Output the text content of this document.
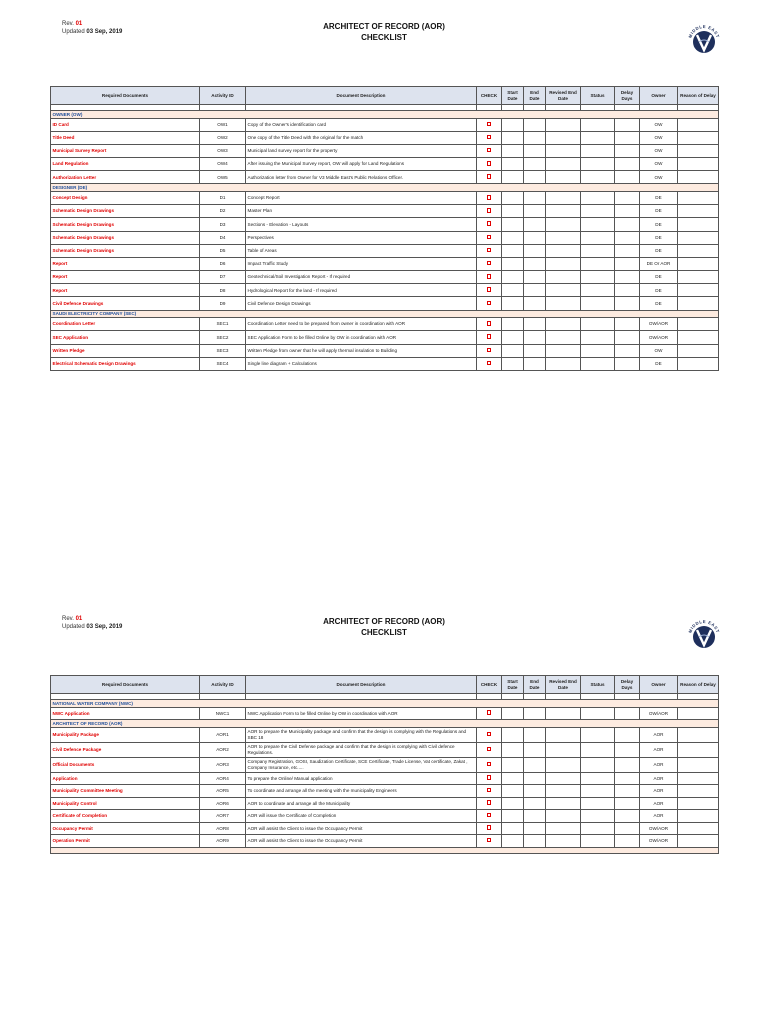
Rev. 01
Updated 03 Sep, 2019
ARCHITECT OF RECORD (AOR)
CHECKLIST	MIDDLE EAST
Required Documents	Activity ID	Document Description	CHECK	Start Date	End Date	Revised End Date	Status	Delay Days	Owner	Reason of Delay

OWNER (OW)										
ID Card	OW1	Copy of the Owner's identification card							OW	
Title Deed	OW2	One copy of the Title Deed with the original for the match							OW	
Municipal Survey Report	OW3	Municipal land survey report for the property							OW	
Land Regulation	OW4	After issuing the Municipal Survey report, OW will apply for Land Regulations							OW	
Authorization Letter	OW5	Authorization letter from Owner for V3 Middle East's Public Relations Officer.							OW	
DESIGNER (DE)										
Concept Design	D1	Concept Report							DE	
Schematic Design Drawings	D2	Master Plan							DE	
Schematic Design Drawings	D3	Sections - Elevation - Layouts							DE	
Schematic Design Drawings	D4	Perspectives							DE	
Schematic Design Drawings	D5	Table of Areas							DE	
Report	D6	Impact Traffic Study							DE Or AOR	
Report	D7	Geotechnical/Soil Investigation Report - If required							DE	
Report	D8	Hydrological Report for the land - If required							DE	
Civil Defence Drawings	D9	Civil Defence Design Drawings							DE	
SAUDI ELECTRICITY COMPANY (SEC)										
Coordination Letter	SEC1	Coordination Letter need to be prepared from owner in coordination with AOR							OW/AOR	
SEC Application	SEC2	SEC Application Form to be filled Online by OW in coordination with AOR							OW/AOR	
Written Pledge	SEC3	Written Pledge from owner that he will apply thermal insulation to Building							OW	
Electrical Schematic Design Drawings	SEC4	Single line diagram + Calculations							DE	
Rev. 01
Updated 03 Sep, 2019
ARCHITECT OF RECORD (AOR)
CHECKLIST	MIDDLE EAST
Required Documents	Activity ID	Document Description	CHECK	Start Date	End Date	Revised End Date	Status	Delay Days	Owner	Reason of Delay

NATIONAL WATER COMPANY (NWC)										
NWC Application	NWC1	NWC Application Form to be filled Online by OW in coordination with AOR							OW/AOR	
ARCHITECT OF RECORD (AOR)										
Municipality Package	AOR1	AOR to prepare the Municipality package and confirm that the design is complying with the Regulations and SBC 18							AOR	
Civil Defence Package	AOR2	AOR to prepare the Civil Defense package and confirm that the design is complying with Civil defence Regulations.							AOR	
Official Documents	AOR3	Company Registration, GOSI, Saudization Certificate, SCE Certificate, Trade License, Vat certificate, Zakat , Company Insurance, etc.....							AOR	
Application	AOR4	To prepare the Online/ Manual application							AOR	
Municipality Committee Meeting	AOR5	To coordinate and arrange all the meeting with the municipality Engineers							AOR	
Municipality Control	AOR6	AOR to coordinate and arrange all the Municipality							AOR	
Certificate of Completion	AOR7	AOR will issue the Certificate of Completion							AOR	
Occupancy Permit	AOR8	AOR will assist the Client to issue the Occupancy Permit							OW/AOR	
Operation Permit	AOR9	AOR will assist the Client to issue the Occupancy Permit							OW/AOR	
